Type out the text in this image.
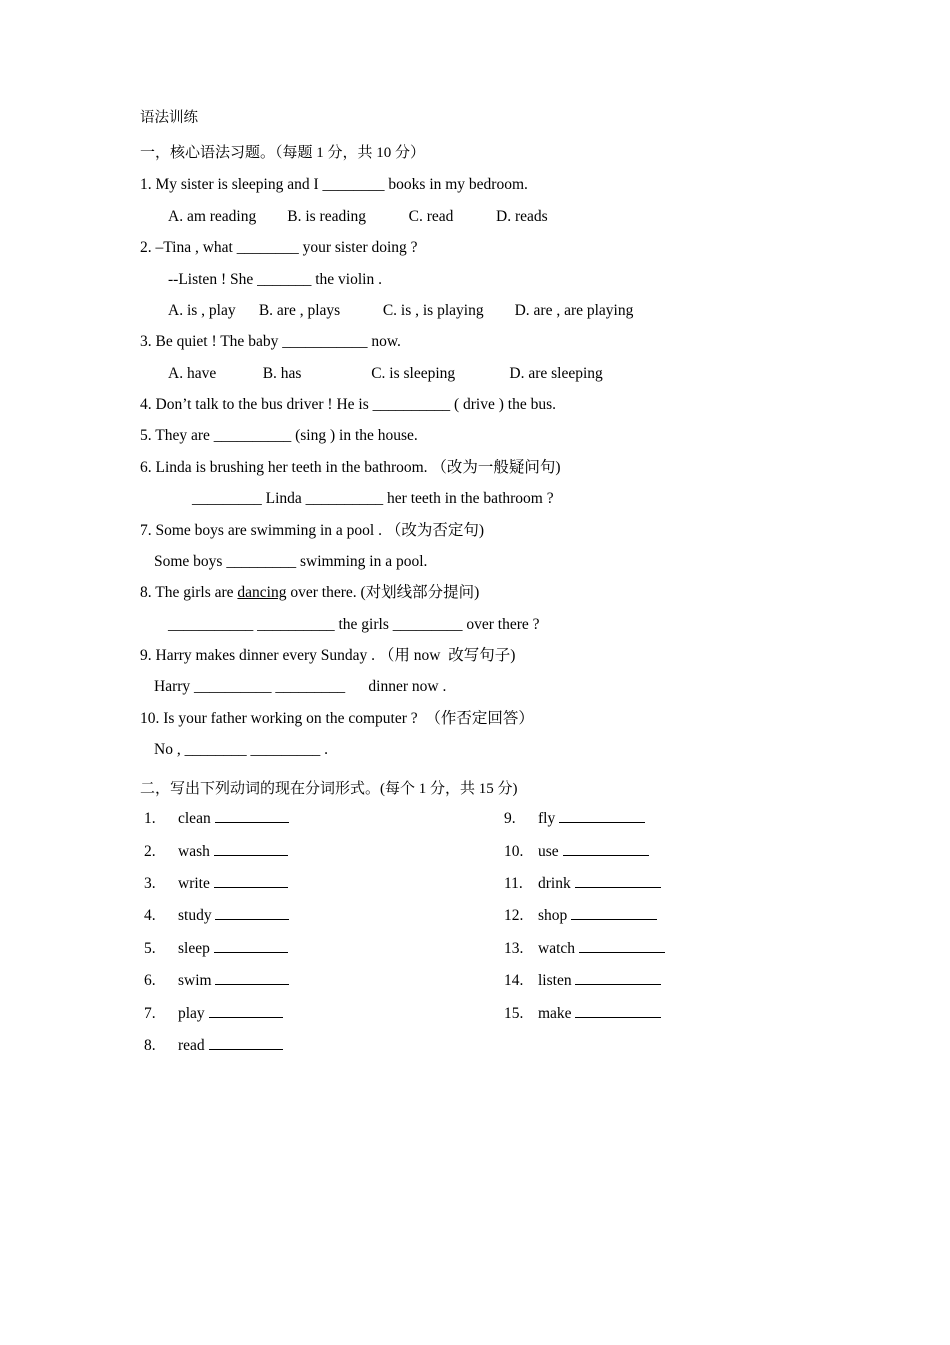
语法训练
一，核心语法习题。（每题 1 分，共 10 分）
1. My sister is sleeping and I ________ books in my bedroom.
A. am reading        B. is reading           C. read           D. reads
2. –Tina , what ________ your sister doing ?
--Listen ! She _______ the violin .
A. is , play      B. are , plays           C. is , is playing        D. are , are playing
3. Be quiet ! The baby ___________ now.
A. have            B. has                  C. is sleeping              D. are sleeping
4. Don’t talk to the bus driver ! He is __________ ( drive ) the bus.
5. They are __________ (sing ) in the house.
6. Linda is brushing her teeth in the bathroom. （改为一般疑问句)
_________ Linda __________ her teeth in the bathroom ?
7. Some boys are swimming in a pool . （改为否定句)
Some boys _________ swimming in a pool.
8. The girls are dancing over there. (对划线部分提问)
___________ __________ the girls _________ over there ?
9. Harry makes dinner every Sunday . （用 now  改写句子)
Harry __________ _________      dinner now .
10. Is your father working on the computer ?  （作否定回答）
No , ________ _________ .
二，写出下列动词的现在分词形式。(每个 1 分，共 15 分)
1. clean
2. wash
3. write
4. study
5. sleep
6. swim
7. play
8. read
9. fly
10. use
11. drink
12. shop
13. watch
14. listen
15. make
